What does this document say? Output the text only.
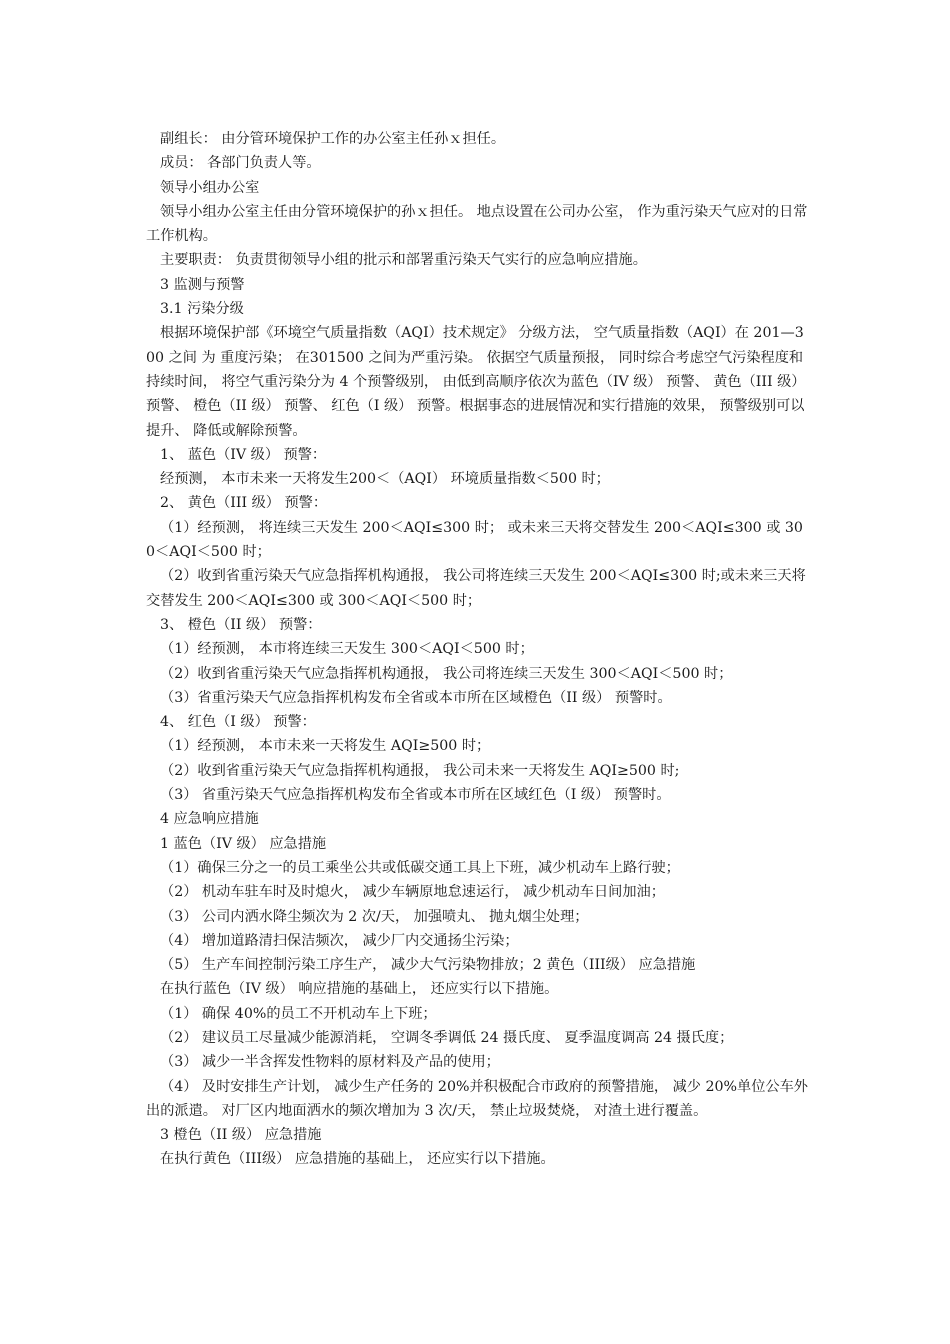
副组长： 由分管环境保护工作的办公室主任孙ｘ担任。

成员： 各部门负责人等。

领导小组办公室

领导小组办公室主任由分管环境保护的孙ｘ担任。 地点设置在公司办公室， 作为重污染天气应对的日常工作机构。

主要职责： 负责贯彻领导小组的批示和部署重污染天气实行的应急响应措施。

3 监测与预警

3.1 污染分级

根据环境保护部《环境空气质量指数（AQI）技术规定》 分级方法， 空气质量指数（AQI）在 201—300 之间 为 重度污染； 在301500 之间为严重污染。 依据空气质量预报， 同时综合考虑空气污染程度和持续时间， 将空气重污染分为 4 个预警级别， 由低到高顺序依次为蓝色（IV 级） 预警、 黄色（III 级） 预警、 橙色（II 级） 预警、 红色（I 级） 预警。根据事态的进展情况和实行措施的效果， 预警级别可以提升、 降低或解除预警。

1、 蓝色（IV 级） 预警：

经预测， 本市未来一天将发生200＜（AQI） 环境质量指数＜500 时；

2、 黄色（III 级） 预警：

（1）经预测， 将连续三天发生 200＜AQI≤300 时； 或未来三天将交替发生 200＜AQI≤300 或 300＜AQI＜500 时；

（2）收到省重污染天气应急指挥机构通报， 我公司将连续三天发生 200＜AQI≤300 时;或未来三天将交替发生 200＜AQI≤300 或 300＜AQI＜500 时；

3、 橙色（II 级） 预警：

（1）经预测， 本市将连续三天发生 300＜AQI＜500 时；

（2）收到省重污染天气应急指挥机构通报， 我公司将连续三天发生 300＜AQI＜500 时；

（3）省重污染天气应急指挥机构发布全省或本市所在区域橙色（II 级） 预警时。

4、 红色（I 级） 预警：

（1）经预测， 本市未来一天将发生 AQI≥500 时；

（2）收到省重污染天气应急指挥机构通报， 我公司未来一天将发生 AQI≥500 时;

（3） 省重污染天气应急指挥机构发布全省或本市所在区域红色（I 级） 预警时。

4 应急响应措施

1 蓝色（IV 级） 应急措施

（1）确保三分之一的员工乘坐公共或低碳交通工具上下班，减少机动车上路行驶；

（2） 机动车驻车时及时熄火， 减少车辆原地怠速运行， 减少机动车日间加油；

（3） 公司内洒水降尘频次为 2 次/天， 加强喷丸、 抛丸烟尘处理；

（4） 增加道路清扫保洁频次， 减少厂内交通扬尘污染；

（5） 生产车间控制污染工序生产， 减少大气污染物排放；2 黄色（III级） 应急措施

在执行蓝色（IV 级） 响应措施的基础上， 还应实行以下措施。

（1） 确保 40%的员工不开机动车上下班；

（2） 建议员工尽量减少能源消耗， 空调冬季调低 24 摄氏度、 夏季温度调高 24 摄氏度；

（3） 减少一半含挥发性物料的原材料及产品的使用；

（4） 及时安排生产计划， 减少生产任务的 20%并积极配合市政府的预警措施， 减少 20%单位公车外出的派遣。 对厂区内地面洒水的频次增加为 3 次/天， 禁止垃圾焚烧， 对渣土进行覆盖。

3 橙色（II 级） 应急措施

在执行黄色（III级） 应急措施的基础上， 还应实行以下措施。
